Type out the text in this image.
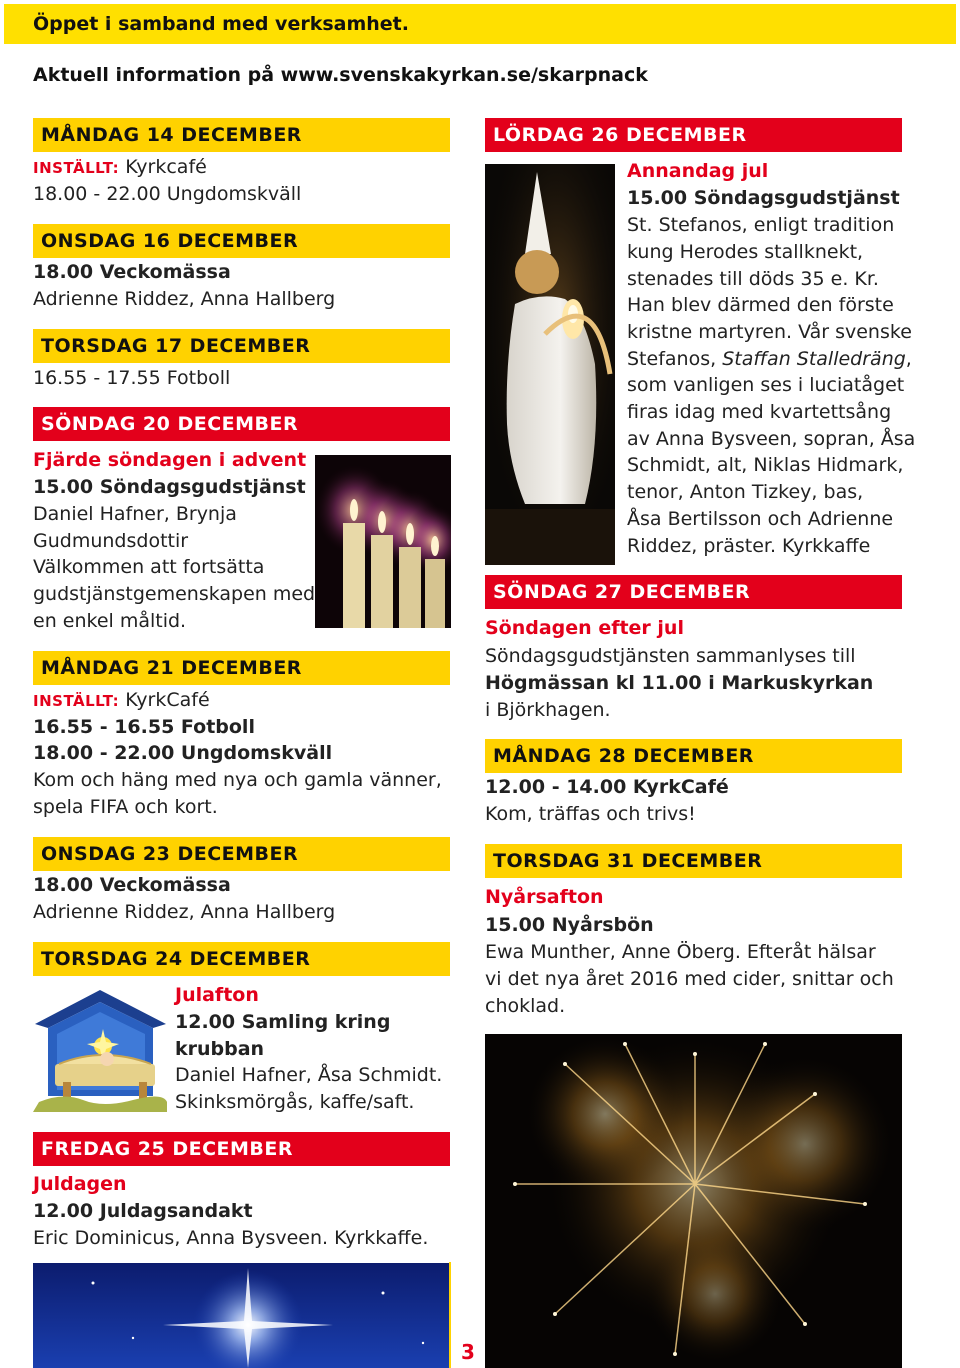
Öppet i samband med verksamhet.
Aktuell information på www.svenskakyrkan.se/skarpnack
MÅNDAG 14 DECEMBER
INSTÄLLT: Kyrkcafé
18.00 - 22.00 Ungdomskväll
ONSDAG 16 DECEMBER
18.00 Veckomässa
Adrienne Riddez, Anna Hallberg
TORSDAG 17 DECEMBER
16.55 - 17.55 Fotboll
SÖNDAG 20 DECEMBER
Fjärde söndagen i advent
15.00 Söndagsgudstjänst
Daniel Hafner, Brynja
Gudmundsdottir
Välkommen att fortsätta
gudstjänstgemenskapen med
en enkel måltid.
MÅNDAG 21 DECEMBER
INSTÄLLT: KyrkCafé
16.55 - 16.55 Fotboll
18.00 - 22.00 Ungdomskväll
Kom och häng med nya och gamla vänner,
spela FIFA och kort.
ONSDAG 23 DECEMBER
18.00 Veckomässa
Adrienne Riddez, Anna Hallberg
TORSDAG 24 DECEMBER
Julafton
12.00 Samling kring
krubban
Daniel Hafner, Åsa Schmidt.
Skinksmörgås, kaffe/saft.
FREDAG 25 DECEMBER
Juldagen
12.00 Juldagsandakt
Eric Dominicus, Anna Bysveen. Kyrkkaffe.
3
LÖRDAG 26 DECEMBER
Annandag jul
15.00 Söndagsgudstjänst
St. Stefanos, enligt tradition
kung Herodes stallknekt,
stenades till döds 35 e. Kr.
Han blev därmed den förste
kristne martyren. Vår svenske
Stefanos, Staffan Stalledräng,
som vanligen ses i luciatåget
firas idag med kvartettsång
av Anna Bysveen, sopran, Åsa
Schmidt, alt, Niklas Hidmark,
tenor, Anton Tizkey, bas,
Åsa Bertilsson och Adrienne
Riddez, präster. Kyrkkaffe
SÖNDAG 27 DECEMBER
Söndagen efter jul
Söndagsgudstjänsten sammanlyses till
Högmässan kl 11.00 i Markuskyrkan
i Björkhagen.
MÅNDAG 28 DECEMBER
12.00 - 14.00 KyrkCafé
Kom, träffas och trivs!
TORSDAG 31 DECEMBER
Nyårsafton
15.00 Nyårsbön
Ewa Munther, Anne Öberg. Efteråt hälsar
vi det nya året 2016 med cider, snittar och
choklad.
